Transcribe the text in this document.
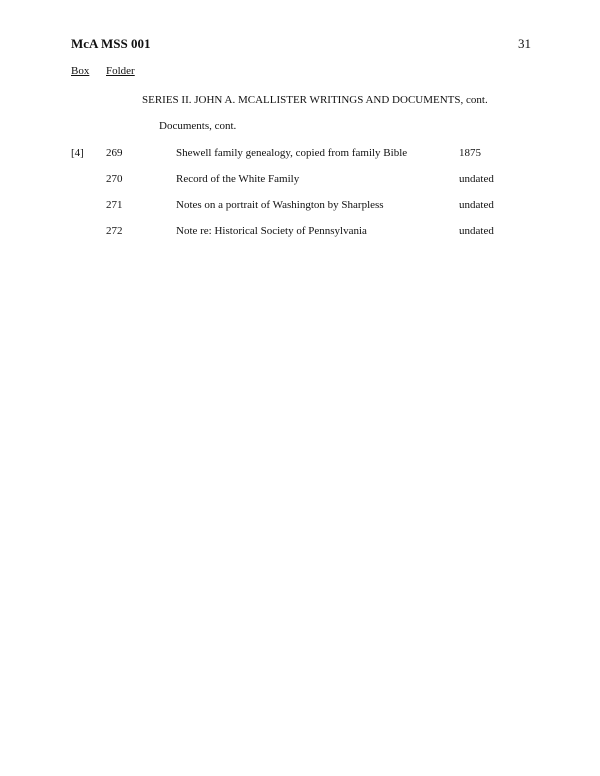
McA MSS 001	31
Box Folder
SERIES II. JOHN A. MCALLISTER WRITINGS AND DOCUMENTS, cont.
Documents, cont.
[4] 269	Shewell family genealogy, copied from family Bible	1875
270	Record of the White Family	undated
271	Notes on a portrait of Washington by Sharpless	undated
272	Note re: Historical Society of Pennsylvania	undated
